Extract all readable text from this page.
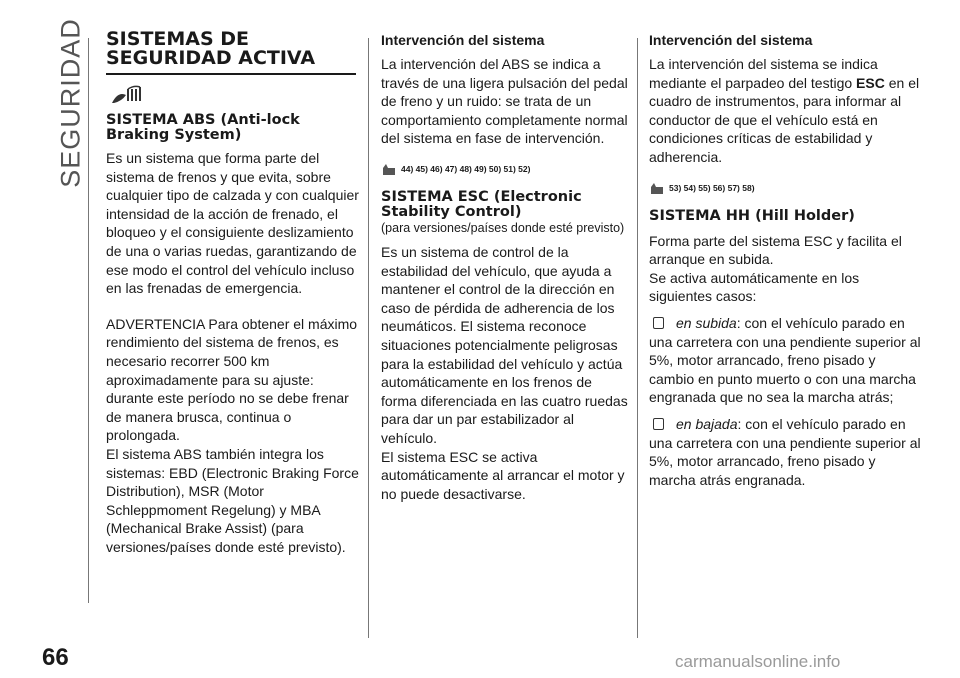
SEGURIDAD SISTEMAS DE
SEGURIDAD ACTIVA
SISTEMA ABS (Anti-lock Braking System)

Es un sistema que forma parte del sistema de frenos y que evita, sobre cualquier tipo de calzada y con cualquier intensidad de la acción de frenado, el bloqueo y el consiguiente deslizamiento de una o varias ruedas, garantizando de ese modo el control del vehículo incluso en las frenadas de emergencia.

ADVERTENCIA Para obtener el máximo rendimiento del sistema de frenos, es necesario recorrer 500 km aproximadamente para su ajuste: durante este período no se debe frenar de manera brusca, continua o prolongada.

El sistema ABS también integra los sistemas: EBD (Electronic Braking Force Distribution), MSR (Motor Schleppmoment Regelung) y MBA (Mechanical Brake Assist) (para versiones/países donde esté previsto).

Intervención del sistema

La intervención del ABS se indica a través de una ligera pulsación del pedal de freno y un ruido: se trata de un comportamiento completamente normal del sistema en fase de intervención.

44) 45) 46) 47) 48) 49) 50) 51) 52)
SISTEMA ESC (Electronic Stability Control)

(para versiones/países donde esté previsto)

Es un sistema de control de la estabilidad del vehículo, que ayuda a mantener el control de la dirección en caso de pérdida de adherencia de los neumáticos. El sistema reconoce situaciones potencialmente peligrosas para la estabilidad del vehículo y actúa automáticamente en los frenos de forma diferenciada en las cuatro ruedas para dar un par estabilizador al vehículo.

El sistema ESC se activa automáticamente al arrancar el motor y no puede desactivarse.

Intervención del sistema

La intervención del sistema se indica mediante el parpadeo del testigo ESC en el cuadro de instrumentos, para informar al conductor de que el vehículo está en condiciones críticas de estabilidad y adherencia.

53) 54) 55) 56) 57) 58)
SISTEMA HH (Hill Holder)

Forma parte del sistema ESC y facilita el arranque en subida.

Se activa automáticamente en los siguientes casos:

en subida: con el vehículo parado en una carretera con una pendiente superior al 5%, motor arrancado, freno pisado y cambio en punto muerto o con una marcha engranada que no sea la marcha atrás;

en bajada: con el vehículo parado en una carretera con una pendiente superior al 5%, motor arrancado, freno pisado y marcha atrás engranada.

66	carmanualsonline.info
